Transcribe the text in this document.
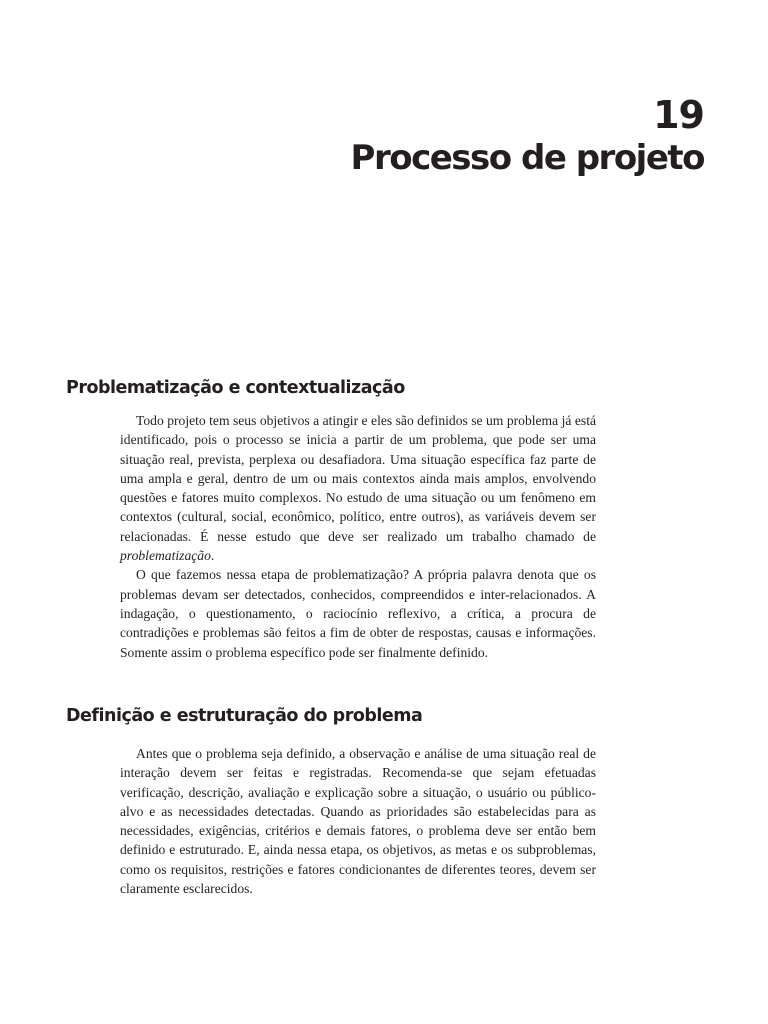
19
Processo de projeto
Problematização e contextualização

Todo projeto tem seus objetivos a atingir e eles são definidos se um problema já está identificado, pois o processo se inicia a partir de um problema, que pode ser uma situação real, prevista, perplexa ou desafiadora. Uma situação específica faz parte de uma ampla e geral, dentro de um ou mais contextos ainda mais amplos, envolvendo questões e fatores muito complexos. No estudo de uma situação ou um fenômeno em contextos (cultural, social, econômico, político, entre outros), as variáveis devem ser relacionadas. É nesse estudo que deve ser realizado um trabalho chamado de problematização.

O que fazemos nessa etapa de problematização? A própria palavra denota que os problemas devam ser detectados, conhecidos, compreendidos e inter-relacionados. A indagação, o questionamento, o raciocínio reflexivo, a crítica, a procura de contradições e problemas são feitos a fim de obter de respostas, causas e informações. Somente assim o problema específico pode ser finalmente definido.

Definição e estruturação do problema

Antes que o problema seja definido, a observação e análise de uma situação real de interação devem ser feitas e registradas. Recomenda-se que sejam efetuadas verificação, descrição, avaliação e explicação sobre a situação, o usuário ou público-alvo e as necessidades detectadas. Quando as prioridades são estabelecidas para as necessidades, exigências, critérios e demais fatores, o problema deve ser então bem definido e estruturado. E, ainda nessa etapa, os objetivos, as metas e os subproblemas, como os requisitos, restrições e fatores condicionantes de diferentes teores, devem ser claramente esclarecidos.
